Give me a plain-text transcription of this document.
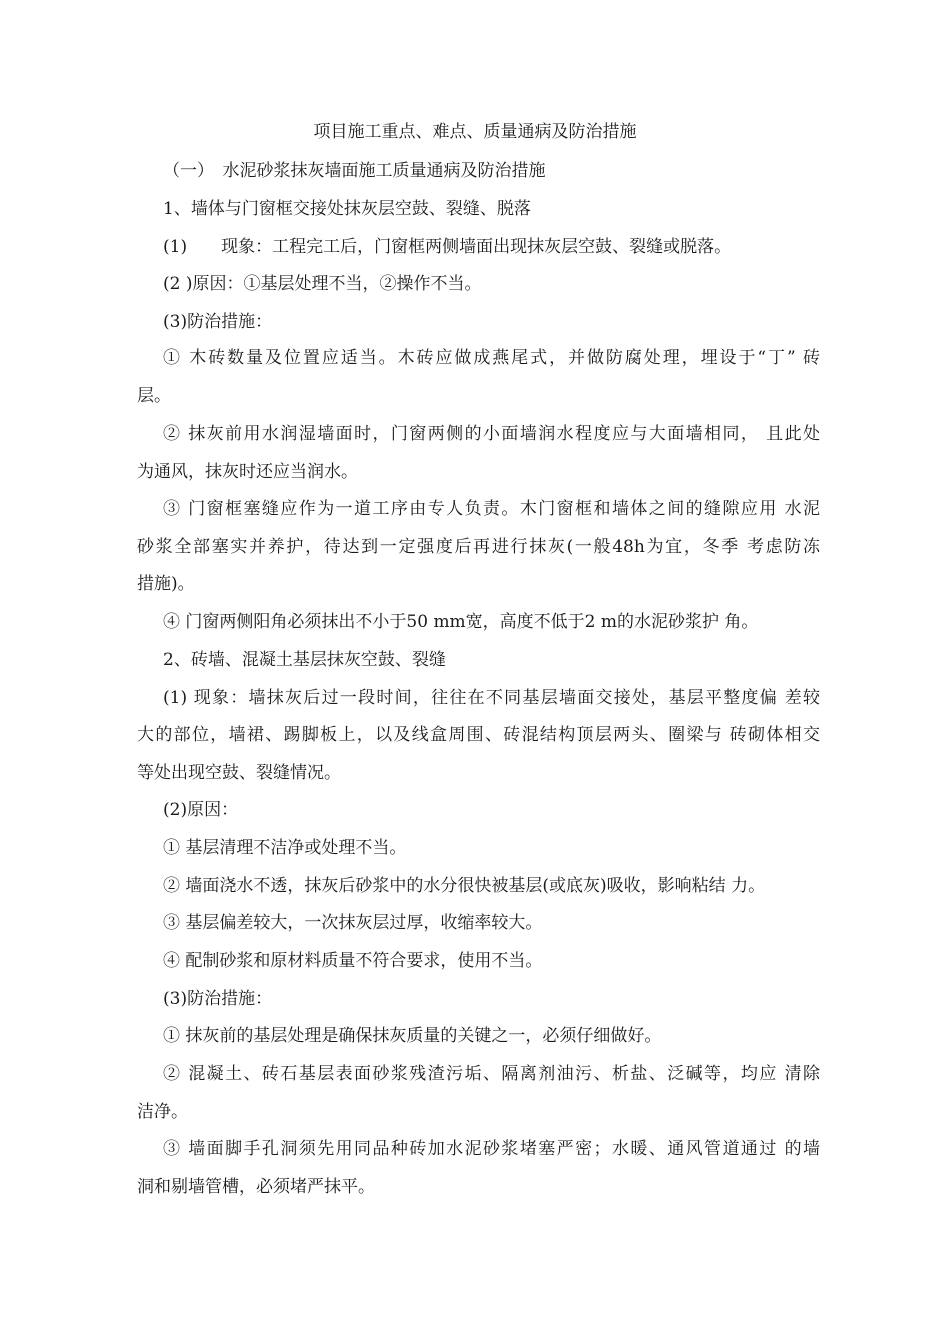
项目施工重点、难点、质量通病及防治措施
（一）　水泥砂浆抹灰墙面施工质量通病及防治措施
1、墙体与门窗框交接处抹灰层空鼓、裂缝、脱落
(1)　　现象：工程完工后，门窗框两侧墙面出现抹灰层空鼓、裂缝或脱落。
(2 )原因：①基层处理不当，②操作不当。
(3)防治措施：
① 木砖数量及位置应适当。木砖应做成燕尾式，并做防腐处理，埋设于“丁” 砖
层。
② 抹灰前用水润湿墙面时，门窗两侧的小面墙润水程度应与大面墙相同， 且此处
为通风，抹灰时还应当润水。
③ 门窗框塞缝应作为一道工序由专人负责。木门窗框和墙体之间的缝隙应用 水泥
砂浆全部塞实并养护，待达到一定强度后再进行抹灰(一般48h为宜，冬季 考虑防冻
措施)。
④ 门窗两侧阳角必须抹出不小于50 mm宽，高度不低于2 m的水泥砂浆护 角。
2、砖墙、混凝土基层抹灰空鼓、裂缝
(1) 现象：墙抹灰后过一段时间，往往在不同基层墙面交接处，基层平整度偏 差较
大的部位，墙裙、踢脚板上，以及线盒周围、砖混结构顶层两头、圈梁与 砖砌体相交
等处出现空鼓、裂缝情况。
(2)原因：
① 基层清理不洁净或处理不当。
② 墙面浇水不透，抹灰后砂浆中的水分很快被基层(或底灰)吸收，影响粘结 力。
③ 基层偏差较大，一次抹灰层过厚，收缩率较大。
④ 配制砂浆和原材料质量不符合要求，使用不当。
(3)防治措施：
① 抹灰前的基层处理是确保抹灰质量的关键之一，必须仔细做好。
② 混凝土、砖石基层表面砂浆残渣污垢、隔离剂油污、析盐、泛碱等，均应 清除
洁净。
③ 墙面脚手孔洞须先用同品种砖加水泥砂浆堵塞严密；水暖、通风管道通过 的墙
洞和剔墙管槽，必须堵严抹平。
